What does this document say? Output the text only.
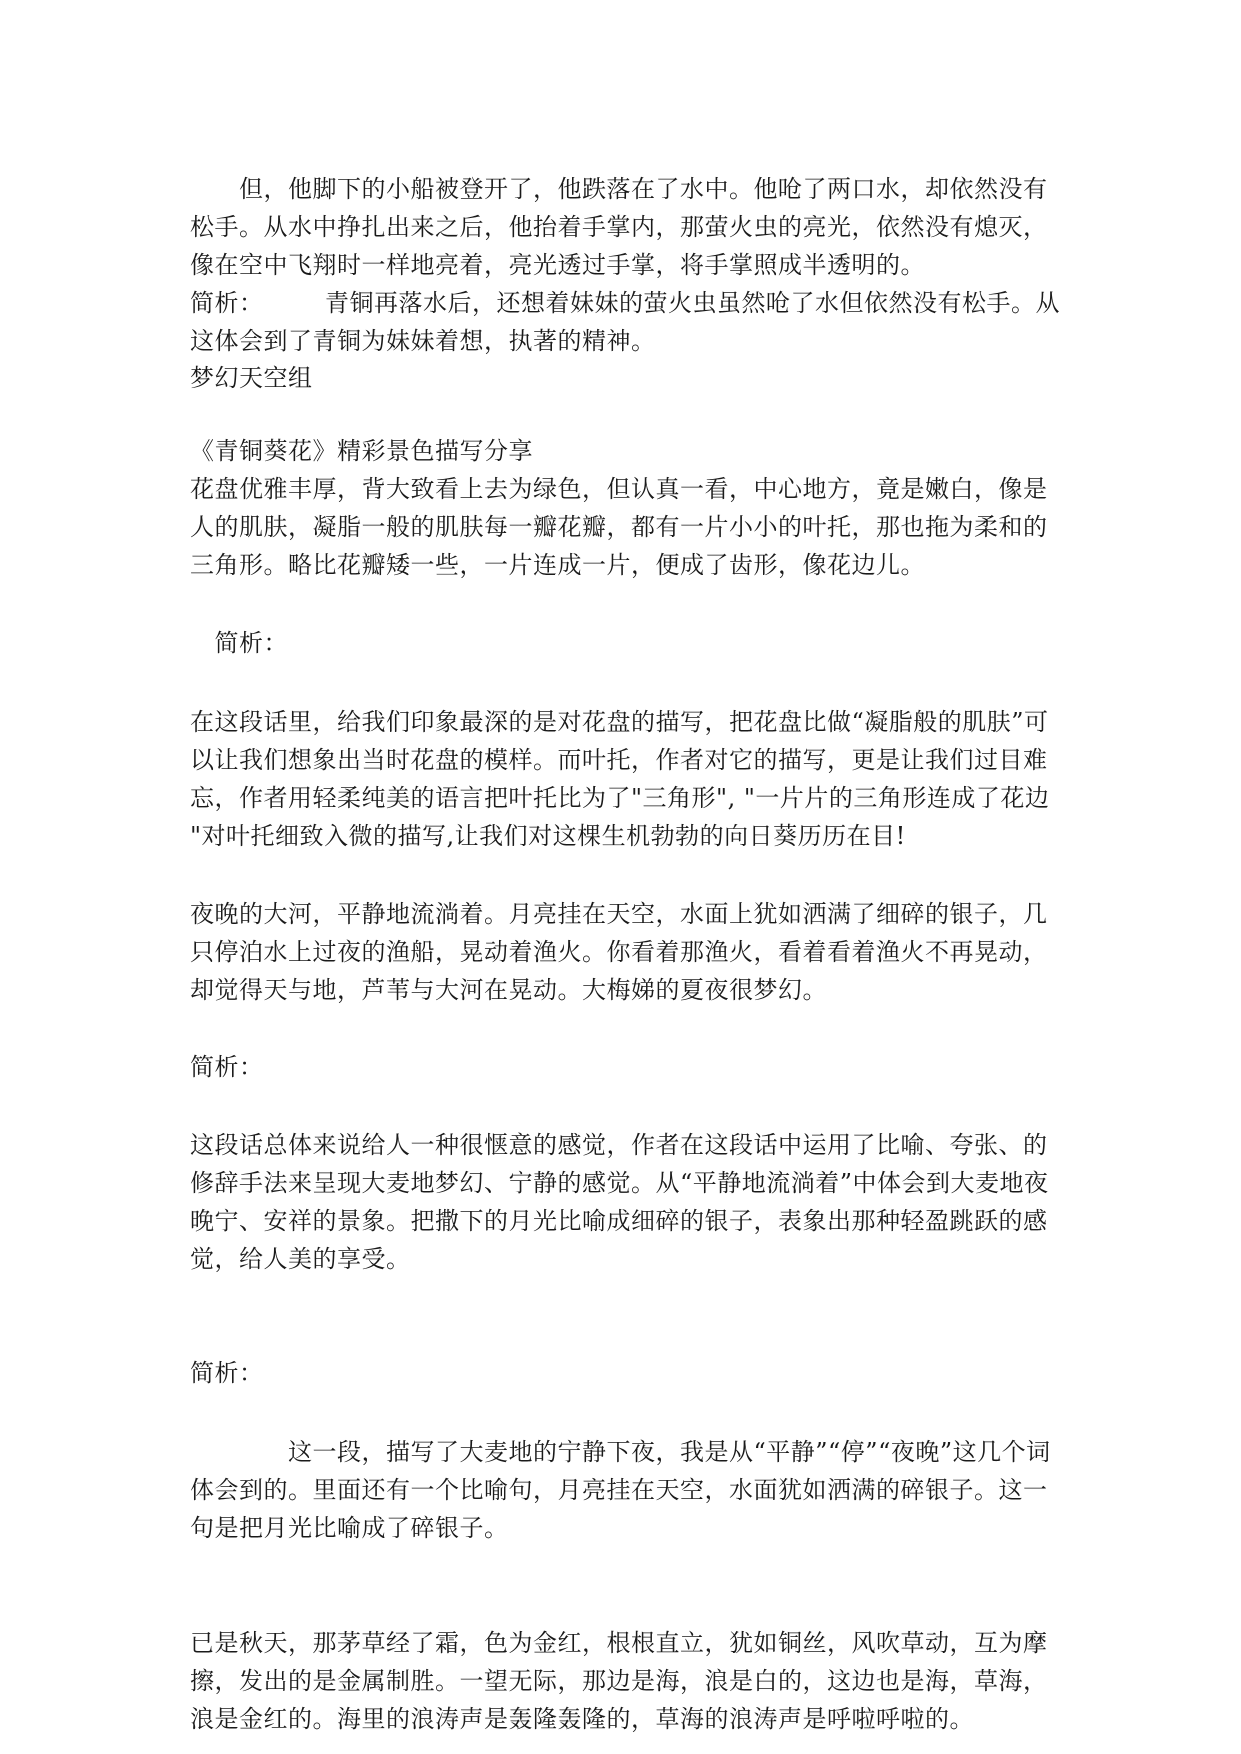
　　但，他脚下的小船被登开了，他跌落在了水中。他呛了两口水，却依然没有
松手。从水中挣扎出来之后，他抬着手掌内，那萤火虫的亮光，依然没有熄灭，
像在空中飞翔时一样地亮着，亮光透过手掌，将手掌照成半透明的。
简析：　　　青铜再落水后，还想着妹妹的萤火虫虽然呛了水但依然没有松手。从
这体会到了青铜为妹妹着想，执著的精神。
梦幻天空组
《青铜葵花》精彩景色描写分享
花盘优雅丰厚，背大致看上去为绿色，但认真一看，中心地方，竟是嫩白，像是
人的肌肤，凝脂一般的肌肤每一瓣花瓣，都有一片小小的叶托，那也拖为柔和的
三角形。略比花瓣矮一些，一片连成一片，便成了齿形，像花边儿。
　简析：
在这段话里，给我们印象最深的是对花盘的描写，把花盘比做“凝脂般的肌肤”可
以让我们想象出当时花盘的模样。而叶托，作者对它的描写，更是让我们过目难
忘，作者用轻柔纯美的语言把叶托比为了"三角形", "一片片的三角形连成了花边
"对叶托细致入微的描写,让我们对这棵生机勃勃的向日葵历历在目!
夜晚的大河，平静地流淌着。月亮挂在天空，水面上犹如洒满了细碎的银子，几
只停泊水上过夜的渔船，晃动着渔火。你看着那渔火，看着看着渔火不再晃动，
却觉得天与地，芦苇与大河在晃动。大梅娣的夏夜很梦幻。
简析：
这段话总体来说给人一种很惬意的感觉，作者在这段话中运用了比喻、夸张、的
修辞手法来呈现大麦地梦幻、宁静的感觉。从“平静地流淌着”中体会到大麦地夜
晚宁、安祥的景象。把撒下的月光比喻成细碎的银子，表象出那种轻盈跳跃的感
觉，给人美的享受。
简析：
　　　　这一段，描写了大麦地的宁静下夜，我是从“平静”“停”“夜晚”这几个词
体会到的。里面还有一个比喻句，月亮挂在天空，水面犹如洒满的碎银子。这一
句是把月光比喻成了碎银子。
已是秋天，那茅草经了霜，色为金红，根根直立，犹如铜丝，风吹草动，互为摩
擦，发出的是金属制胜。一望无际，那边是海，浪是白的，这边也是海，草海，
浪是金红的。海里的浪涛声是轰隆轰隆的，草海的浪涛声是呼啦呼啦的。
